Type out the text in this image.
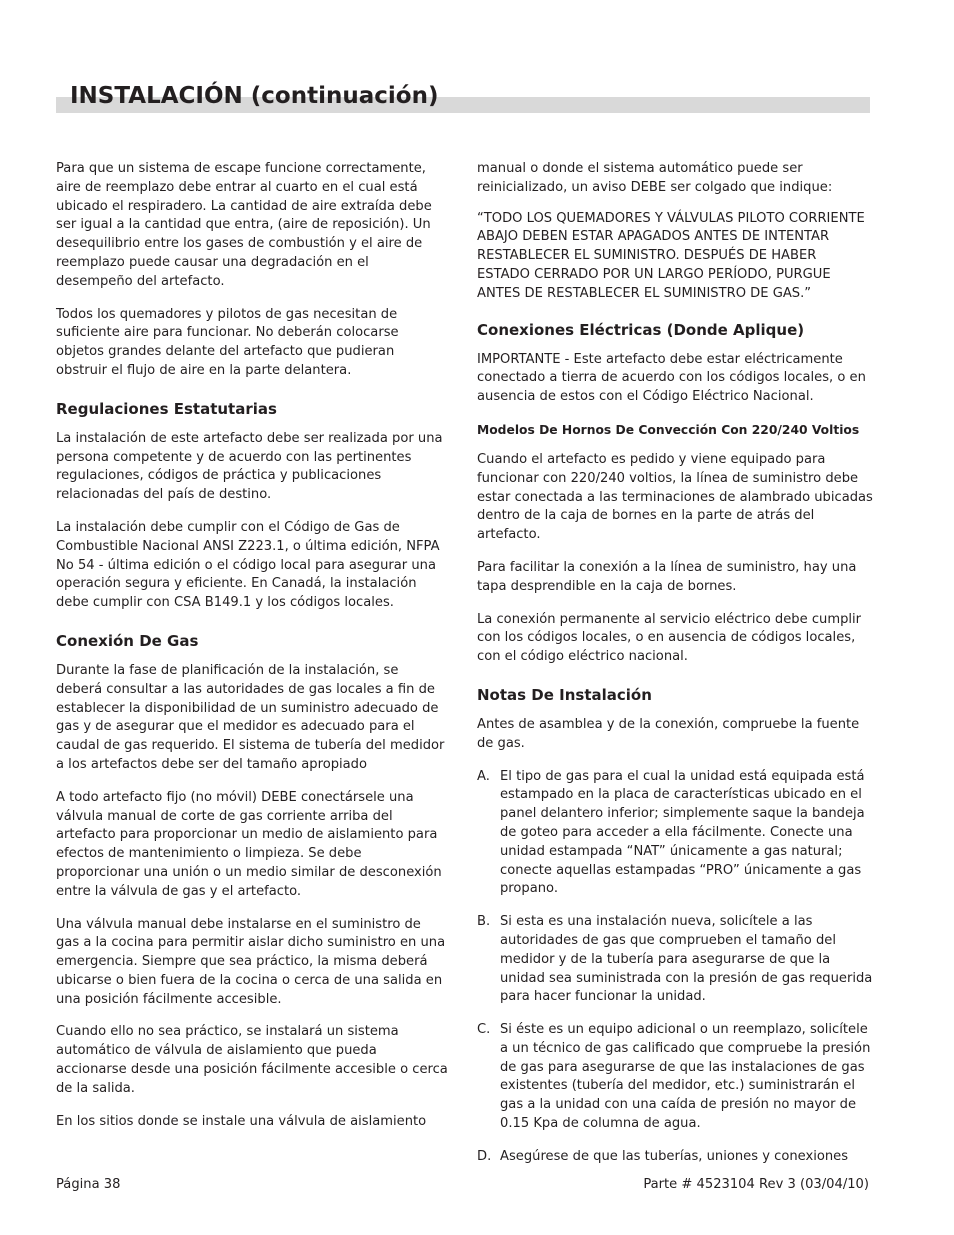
INSTALACIÓN (continuación)

Para que un sistema de escape funcione correctamente, aire de reemplazo debe entrar al cuarto en el cual está ubicado el respiradero. La cantidad de aire extraída debe ser igual a la cantidad que entra, (aire de reposición). Un desequilibrio entre los gases de combustión y el aire de reemplazo puede causar una degradación en el desempeño del artefacto.

Todos los quemadores y pilotos de gas necesitan de suficiente aire para funcionar. No deberán colocarse objetos grandes delante del artefacto que pudieran obstruir el flujo de aire en la parte delantera.

Regulaciones Estatutarias

La instalación de este artefacto debe ser realizada por una persona competente y de acuerdo con las pertinentes regulaciones, códigos de práctica y publicaciones relacionadas del país de destino.

La instalación debe cumplir con el Código de Gas de Combustible Nacional ANSI Z223.1, o última edición, NFPA No 54 - última edición o el código local para asegurar una operación segura y eficiente. En Canadá, la instalación debe cumplir con CSA B149.1 y los códigos locales.

Conexión De Gas

Durante la fase de planificación de la instalación, se deberá consultar a las autoridades de gas locales a fin de establecer la disponibilidad de un suministro adecuado de gas y de asegurar que el medidor es adecuado para el caudal de gas requerido. El sistema de tubería del medidor a los artefactos debe ser del tamaño apropiado

A todo artefacto fijo (no móvil) DEBE conectársele una válvula manual de corte de gas corriente arriba del artefacto para proporcionar un medio de aislamiento para efectos de mantenimiento o limpieza. Se debe proporcionar una unión o un medio similar de desconexión entre la válvula de gas y el artefacto.

Una válvula manual debe instalarse en el suministro de gas a la cocina para permitir aislar dicho suministro en una emergencia. Siempre que sea práctico, la misma deberá ubicarse o bien fuera de la cocina o cerca de una salida en una posición fácilmente accesible.

Cuando ello no sea práctico, se instalará un sistema automático de válvula de aislamiento que pueda accionarse desde una posición fácilmente accesible o cerca de la salida.

En los sitios donde se instale una válvula de aislamiento

manual o donde el sistema automático puede ser reinicializado, un aviso DEBE ser colgado que indique:

“TODO LOS QUEMADORES Y VÁLVULAS PILOTO CORRIENTE ABAJO DEBEN ESTAR APAGADOS ANTES DE INTENTAR RESTABLECER EL SUMINISTRO. DESPUÉS DE HABER ESTADO CERRADO POR UN LARGO PERÍODO, PURGUE ANTES DE RESTABLECER EL SUMINISTRO DE GAS.”

Conexiones Eléctricas (Donde Aplique)

IMPORTANTE - Este artefacto debe estar eléctricamente conectado a tierra de acuerdo con los códigos locales, o en ausencia de estos con el Código Eléctrico Nacional.

Modelos De Hornos De Convección Con 220/240 Voltios

Cuando el artefacto es pedido y viene equipado para funcionar con 220/240 voltios, la línea de suministro debe estar conectada a las terminaciones de alambrado ubicadas dentro de la caja de bornes en la parte de atrás del artefacto.

Para facilitar la conexión a la línea de suministro, hay una tapa desprendible en la caja de bornes.

La conexión permanente al servicio eléctrico debe cumplir con los códigos locales, o en ausencia de códigos locales, con el código eléctrico nacional.

Notas De Instalación

Antes de asamblea y de la conexión, compruebe la fuente de gas.

A. El tipo de gas para el cual la unidad está equipada está estampado en la placa de características ubicado en el panel delantero inferior; simplemente saque la bandeja de goteo para acceder a ella fácilmente. Conecte una unidad estampada “NAT” únicamente a gas natural; conecte aquellas estampadas “PRO” únicamente a gas propano.
B. Si esta es una instalación nueva, solicítele a las autoridades de gas que comprueben el tamaño del medidor y de la tubería para asegurarse de que la unidad sea suministrada con la presión de gas requerida para hacer funcionar la unidad.
C. Si éste es un equipo adicional o un reemplazo, solicítele a un técnico de gas calificado que compruebe la presión de gas para asegurarse de que las instalaciones de gas existentes (tubería del medidor, etc.) suministrarán el gas a la unidad con una caída de presión no mayor de 0.15 Kpa de columna de agua.
D. Asegúrese de que las tuberías, uniones y conexiones
Página 38	Parte # 4523104 Rev 3 (03/04/10)
